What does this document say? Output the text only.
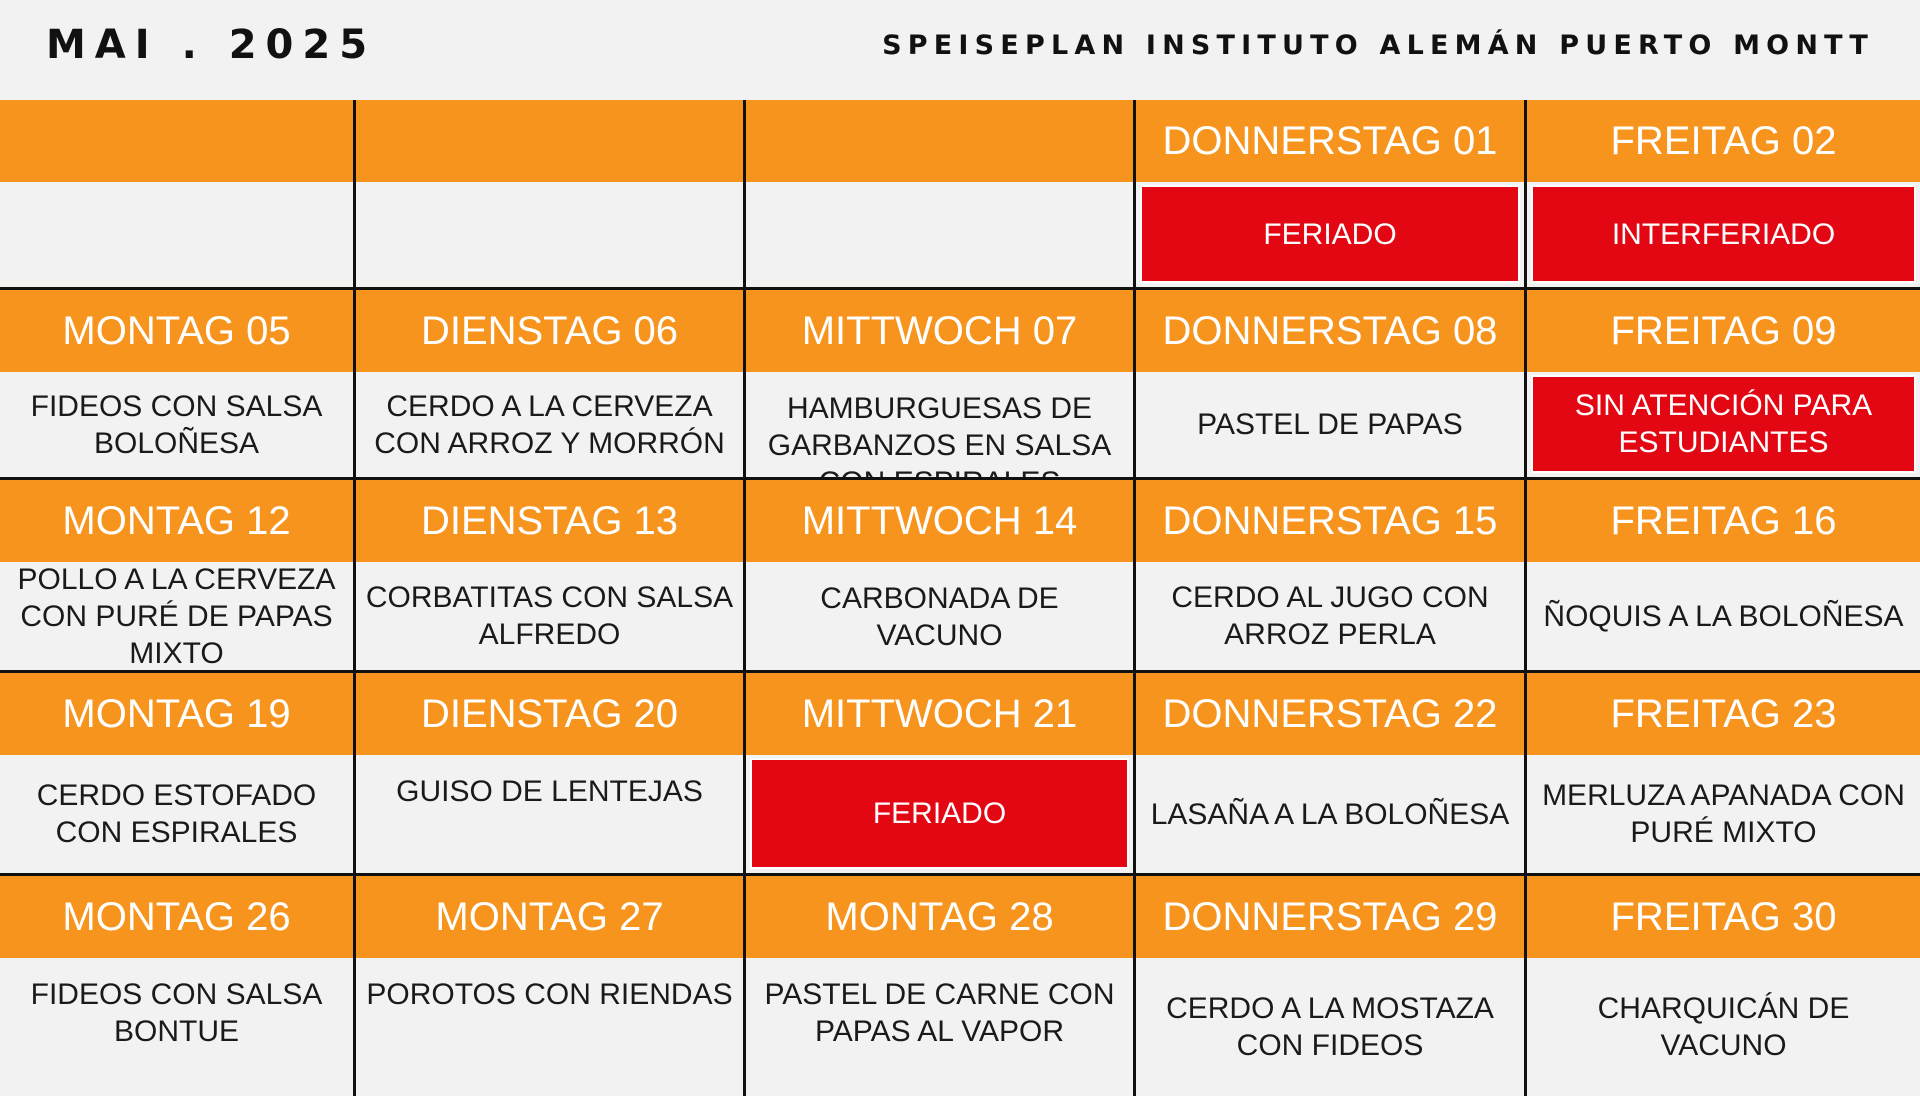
MAI . 2025	SPEISEPLAN INSTITUTO ALEMÁN PUERTO MONTT
DONNERSTAG 01
FERIADO
FREITAG 02
INTERFERIADO
MONTAG 05
FIDEOS CON SALSA BOLOÑESA
DIENSTAG 06
CERDO A LA CERVEZA CON ARROZ Y MORRÓN
MITTWOCH 07
HAMBURGUESAS DE GARBANZOS EN SALSA
DONNERSTAG 08
PASTEL DE PAPAS
FREITAG 09
SIN ATENCIÓN PARA ESTUDIANTES
MONTAG 12
POLLO A LA CERVEZA CON PURÉ DE PAPAS MIXTO
DIENSTAG 13
CORBATITAS CON SALSA ALFREDO
MITTWOCH 14
CARBONADA DE VACUNO
DONNERSTAG 15
CERDO AL JUGO CON ARROZ PERLA
FREITAG 16
ÑOQUIS A LA BOLOÑESA
MONTAG 19
CERDO ESTOFADO CON ESPIRALES
DIENSTAG 20
GUISO DE LENTEJAS
MITTWOCH 21
FERIADO
DONNERSTAG 22
LASAÑA A LA BOLOÑESA
FREITAG 23
MERLUZA APANADA CON PURÉ MIXTO
MONTAG 26
FIDEOS CON SALSA BONTUE
MONTAG 27
POROTOS CON RIENDAS
MONTAG 28
PASTEL DE CARNE CON PAPAS AL VAPOR
DONNERSTAG 29
CERDO A LA MOSTAZA CON FIDEOS
FREITAG 30
CHARQUICÁN DE VACUNO
